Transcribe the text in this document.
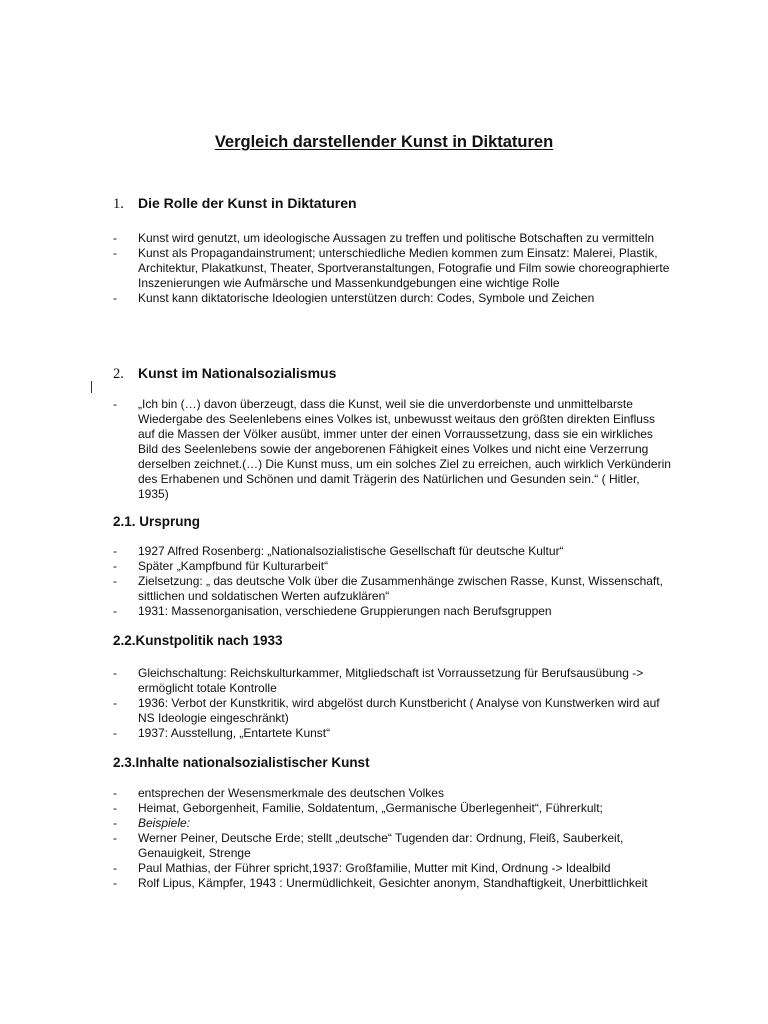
Vergleich darstellender Kunst in Diktaturen
1. Die Rolle der Kunst in Diktaturen
- Kunst wird genutzt, um ideologische Aussagen zu treffen und politische Botschaften zu vermitteln
- Kunst als Propagandainstrument; unterschiedliche Medien kommen zum Einsatz: Malerei, Plastik, Architektur, Plakatkunst, Theater, Sportveranstaltungen, Fotografie und Film sowie choreographierte Inszenierungen wie Aufmärsche und Massenkundgebungen eine wichtige Rolle
- Kunst kann diktatorische Ideologien unterstützen durch: Codes, Symbole und Zeichen
2. Kunst im Nationalsozialismus
- „Ich bin (…) davon überzeugt, dass die Kunst, weil sie die unverdorbenste und unmittelbarste Wiedergabe des Seelenlebens eines Volkes ist, unbewusst weitaus den größten direkten Einfluss auf die Massen der Völker ausübt, immer unter der einen Vorraussetzung, dass sie ein wirkliches Bild des Seelenlebens sowie der angeborenen Fähigkeit eines Volkes und nicht eine Verzerrung derselben zeichnet.(…) Die Kunst muss, um ein solches Ziel zu erreichen, auch wirklich Verkünderin des Erhabenen und Schönen und damit Trägerin des Natürlichen und Gesunden sein.“ ( Hitler, 1935)
2.1. Ursprung
- 1927 Alfred Rosenberg: „Nationalsozialistische Gesellschaft für deutsche Kultur“
- Später „Kampfbund für Kulturarbeit“
- Zielsetzung: „ das deutsche Volk über die Zusammenhänge zwischen Rasse, Kunst, Wissenschaft, sittlichen und soldatischen Werten aufzuklären“
- 1931: Massenorganisation, verschiedene Gruppierungen nach Berufsgruppen
2.2.Kunstpolitik nach 1933
- Gleichschaltung: Reichskulturkammer, Mitgliedschaft ist Vorraussetzung für Berufsausübung -> ermöglicht totale Kontrolle
- 1936: Verbot der Kunstkritik, wird abgelöst durch Kunstbericht ( Analyse von Kunstwerken wird auf NS Ideologie eingeschränkt)
- 1937: Ausstellung, „Entartete Kunst“
2.3.Inhalte nationalsozialistischer Kunst
- entsprechen der Wesensmerkmale des deutschen Volkes
- Heimat, Geborgenheit, Familie, Soldatentum, „Germanische Überlegenheit“, Führerkult;
- Beispiele:
- Werner Peiner, Deutsche Erde; stellt „deutsche“ Tugenden dar: Ordnung, Fleiß, Sauberkeit, Genauigkeit, Strenge
- Paul Mathias, der Führer spricht,1937: Großfamilie, Mutter mit Kind, Ordnung -> Idealbild
- Rolf Lipus, Kämpfer, 1943 : Unermüdlichkeit, Gesichter anonym, Standhaftigkeit, Unerbittlichkeit
